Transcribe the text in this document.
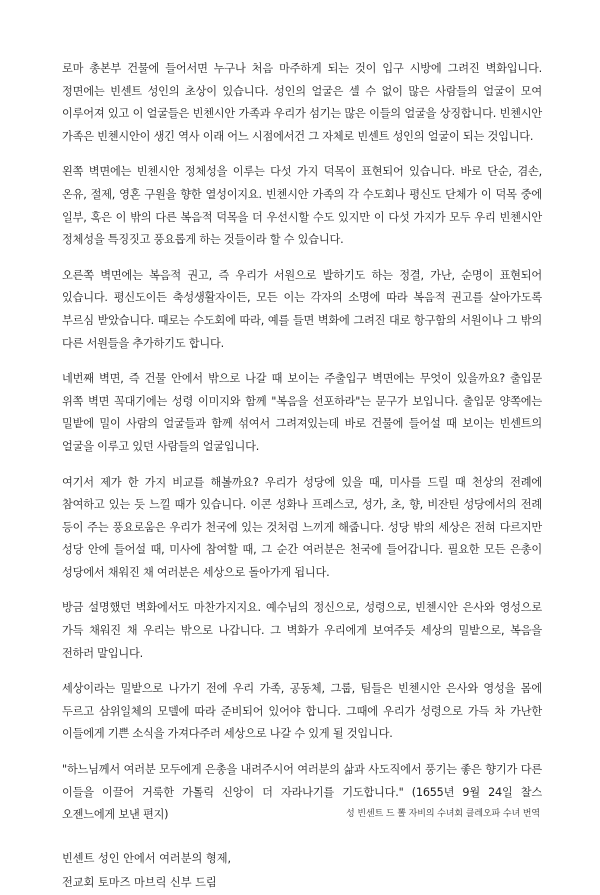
로마 총본부 건물에 들어서면 누구나 처음 마주하게 되는 것이 입구 시방에 그려진 벽화입니다. 정면에는 빈센트 성인의 초상이 있습니다. 성인의 얼굴은 셀 수 없이 많은 사람들의 얼굴이 모여 이루어져 있고 이 얼굴들은 빈첸시안 가족과 우리가 섬기는 많은 이들의 얼굴을 상징합니다. 빈첸시안 가족은 빈첸시안이 생긴 역사 이래 어느 시점에서건 그 자체로 빈센트 성인의 얼굴이 되는 것입니다.

왼쪽 벽면에는 빈첸시안 정체성을 이루는 다섯 가지 덕목이 표현되어 있습니다. 바로 단순, 겸손, 온유, 절제, 영혼 구원을 향한 열성이지요. 빈첸시안 가족의 각 수도회나 평신도 단체가 이 덕목 중에 일부, 혹은 이 밖의 다른 복음적 덕목을 더 우선시할 수도 있지만 이 다섯 가지가 모두 우리 빈첸시안 정체성을 특징짓고 풍요롭게 하는 것들이라 할 수 있습니다.

오른쪽 벽면에는 복음적 권고, 즉 우리가 서원으로 발하기도 하는 정결, 가난, 순명이 표현되어 있습니다. 평신도이든 축성생활자이든, 모든 이는 각자의 소명에 따라 복음적 권고를 살아가도록 부르심 받았습니다. 때로는 수도회에 따라, 예를 들면 벽화에 그려진 대로 항구함의 서원이나 그 밖의 다른 서원들을 추가하기도 합니다.

네번째 벽면, 즉 건물 안에서 밖으로 나갈 때 보이는 주출입구 벽면에는 무엇이 있을까요? 출입문 위쪽 벽면 꼭대기에는 성령 이미지와 함께 "복음을 선포하라"는 문구가 보입니다. 출입문 양쪽에는 밀밭에 밀이 사람의 얼굴들과 함께 섞여서 그려져있는데 바로 건물에 들어설 때 보이는 빈센트의 얼굴을 이루고 있던 사람들의 얼굴입니다.

여기서 제가 한 가지 비교를 해볼까요? 우리가 성당에 있을 때, 미사를 드릴 때 천상의 전례에 참여하고 있는 듯 느낄 때가 있습니다. 이콘 성화나 프레스코, 성가, 초, 향, 비잔틴 성당에서의 전례 등이 주는 풍요로움은 우리가 천국에 있는 것처럼 느끼게 해줍니다. 성당 밖의 세상은 전혀 다르지만 성당 안에 들어설 때, 미사에 참여할 때, 그 순간 여러분은 천국에 들어갑니다. 필요한 모든 은총이 성당에서 채워진 채 여러분은 세상으로 돌아가게 됩니다.

방금 설명했던 벽화에서도 마찬가지지요. 예수님의 정신으로, 성령으로, 빈첸시안 은사와 영성으로 가득 채워진 채 우리는 밖으로 나갑니다. 그 벽화가 우리에게 보여주듯 세상의 밀밭으로, 복음을 전하러 말입니다.

세상이라는 밀밭으로 나가기 전에 우리 가족, 공동체, 그룹, 팀들은 빈첸시안 은사와 영성을 몸에 두르고 삼위일체의 모델에 따라 준비되어 있어야 합니다. 그때에 우리가 성령으로 가득 차 가난한 이들에게 기쁜 소식을 가져다주러 세상으로 나갈 수 있게 될 것입니다.

"하느님께서 여러분 모두에게 은총을 내려주시어 여러분의 삶과 사도직에서 풍기는 좋은 향기가 다른 이들을 이끌어 거룩한 가톨릭 신앙이 더 자라나기를 기도합니다." (1655년 9월 24일 찰스 오젠느에게 보낸 편지)

빈센트 성인 안에서 여러분의 형제,
전교회 토마즈 마브릭 신부 드림
성 빈센트 드 뽈 자비의 수녀회 클레오파 수녀 번역
